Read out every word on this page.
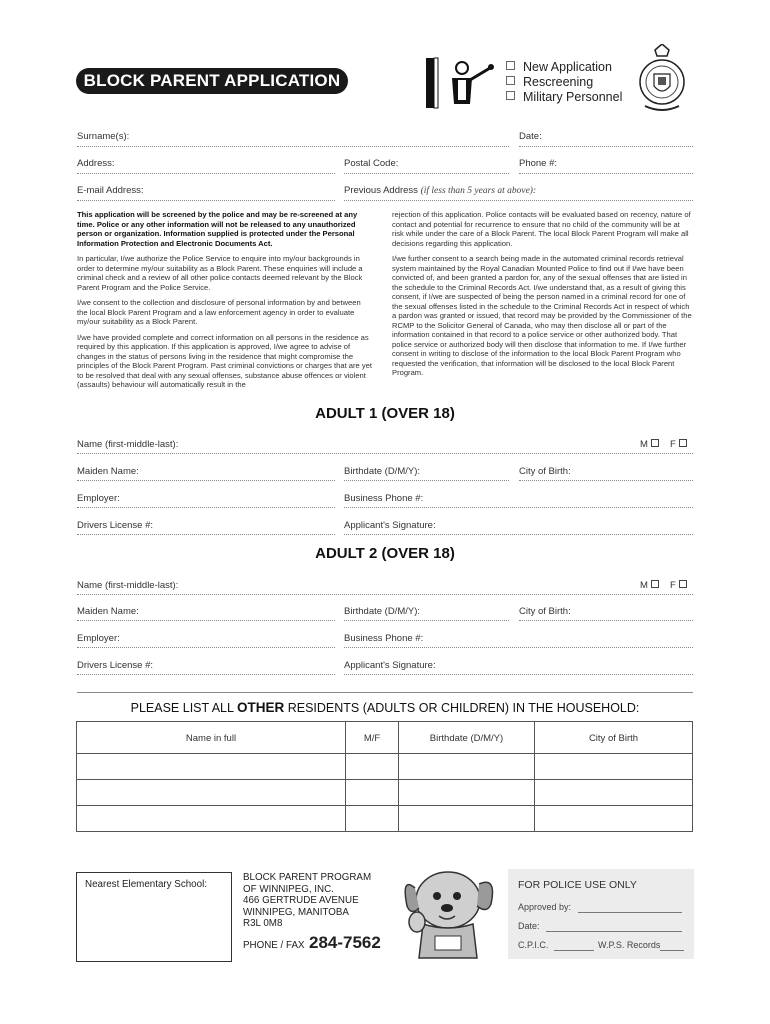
BLOCK PARENT APPLICATION
New Application
Rescreening
Military Personnel
Surname(s):	Date:
Address:	Postal Code:	Phone #:
E-mail Address:	Previous Address (if less than 5 years at above):

This application will be screened by the police and may be re-screened at any time. Police or any other information will not be released to any unauthorized person or organization. Information supplied is protected under the Personal Information Protection and Electronic Documents Act.

In particular, I/we authorize the Police Service to enquire into my/our backgrounds in order to determine my/our suitability as a Block Parent. These enquiries will include a criminal check and a review of all other police contacts deemed relevant by the Block Parent Program and the Police Service.

I/we consent to the collection and disclosure of personal information by and between the local Block Parent Program and a law enforcement agency in order to evaluate my/our suitability as a Block Parent.

I/we have provided complete and correct information on all persons in the residence as required by this application. If this application is approved, I/we agree to advise of changes in the status of persons living in the residence that might compromise the principles of the Block Parent Program. Past criminal convictions or charges that are yet to be resolved that deal with any sexual offenses, substance abuse offences or violent (assaults) behaviour will automatically result in the

rejection of this application. Police contacts will be evaluated based on recency, nature of contact and potential for recurrence to ensure that no child of the community will be at risk while under the care of a Block Parent. The local Block Parent Program will make all decisions regarding this application.

I/we further consent to a search being made in the automated criminal records retrieval system maintained by the Royal Canadian Mounted Police to find out if I/we have been convicted of, and been granted a pardon for, any of the sexual offenses that are listed in the schedule to the Criminal Records Act. I/we understand that, as a result of giving this consent, if I/we are suspected of being the person named in a criminal record for one of the sexual offenses listed in the schedule to the Criminal Records Act in respect of which a pardon was granted or issued, that record may be provided by the Commissioner of the RCMP to the Solicitor General of Canada, who may then disclose all or part of the information contained in that record to a police service or other authorized body. That police service or authorized body will then disclose that information to me. If I/we further consent in writing to disclose of the information to the local Block Parent Program who requested the verification, that information will be disclosed to the local Block Parent Program.

ADULT 1 (OVER 18)
Name (first-middle-last):	M	F
Maiden Name:	Birthdate (D/M/Y):	City of Birth:
Employer:	Business Phone #:
Drivers License #:	Applicant's Signature:
ADULT 2 (OVER 18)
Name (first-middle-last):	M	F
Maiden Name:	Birthdate (D/M/Y):	City of Birth:
Employer:	Business Phone #:
Drivers License #:	Applicant's Signature:
PLEASE LIST ALL OTHER RESIDENTS (ADULTS OR CHILDREN) IN THE HOUSEHOLD:
Name in full	M/F	Birthdate (D/M/Y)	City of Birth

Nearest Elementary School:
BLOCK PARENT PROGRAM
OF WINNIPEG, INC.
466 GERTRUDE AVENUE
WINNIPEG, MANITOBA
R3L 0M8
PHONE / FAX 284-7562
FOR POLICE USE ONLY
Approved by:
Date:
C.P.I.C.	W.P.S. Records
